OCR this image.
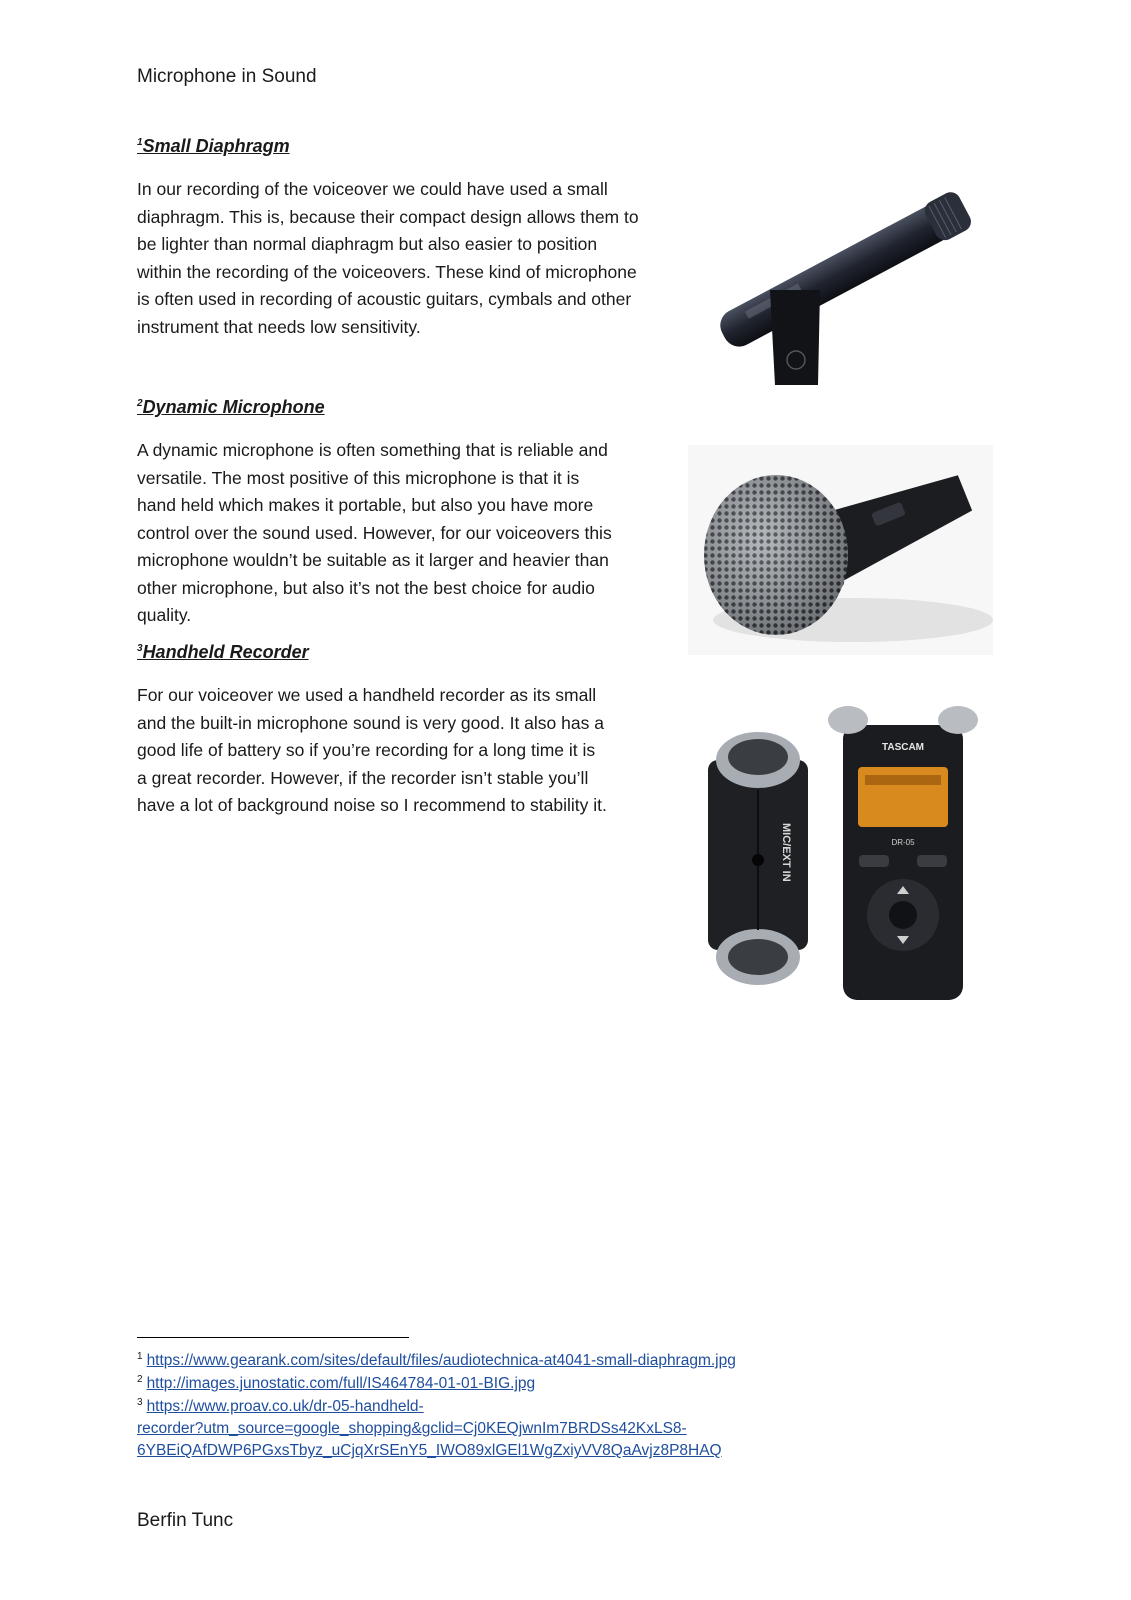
Microphone in Sound
$^1$Small Diaphragm
In our recording of the voiceover we could have used a small
diaphragm. This is, because their compact design allows them to
be lighter than normal diaphragm but also easier to position
within the recording of the voiceovers. These kind of microphone
is often used in recording of acoustic guitars, cymbals and other
instrument that needs low sensitivity.
$^2$Dynamic Microphone
A dynamic microphone is often something that is reliable and
versatile. The most positive of this microphone is that it is
hand held which makes it portable, but also you have more
control over the sound used. However, for our voiceovers this
microphone wouldn’t be suitable as it larger and heavier than
other microphone, but also it’s not the best choice for audio
quality.
$^3$Handheld Recorder
For our voiceover we used a handheld recorder as its small
and the built-in microphone sound is very good. It also has a
good life of battery so if you’re recording for a long time it is
a great recorder. However, if the recorder isn’t stable you’ll
have a lot of background noise so I recommend to stability it.
MIC/EXT IN
TASCAM
DR-05
$^1$ https://www.gearank.com/sites/default/files/audiotechnica-at4041-small-diaphragm.jpg
$^2$ http://images.junostatic.com/full/IS464784-01-01-BIG.jpg
$^3$ https://www.proav.co.uk/dr-05-handheld-
recorder?utm_source=google_shopping&gclid=Cj0KEQjwnIm7BRDSs42KxLS8-
6YBEiQAfDWP6PGxsTbyz_uCjqXrSEnY5_IWO89xlGEl1WgZxiyVV8QaAvjz8P8HAQ
Berfin Tunc
